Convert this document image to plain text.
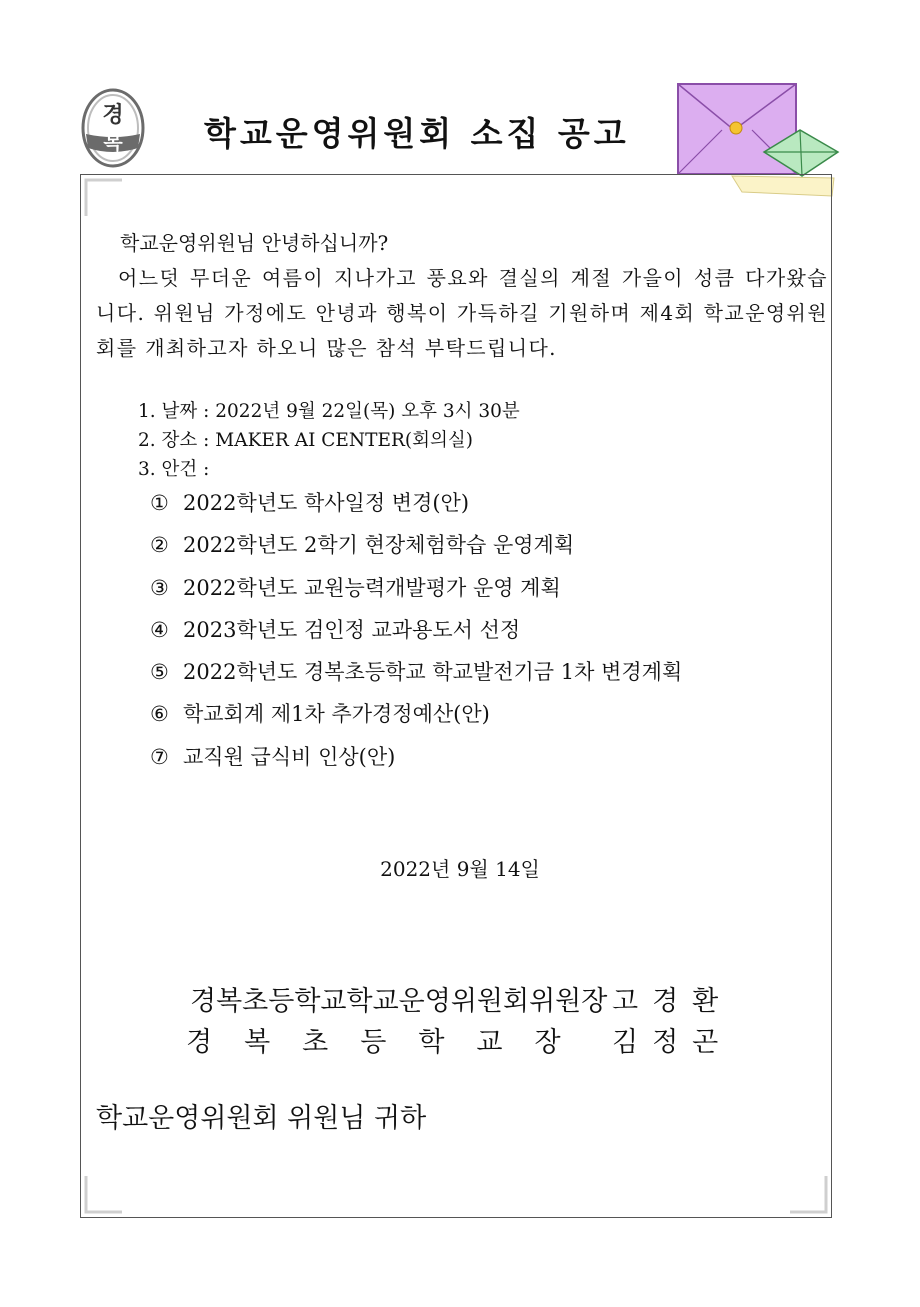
경
복 학교운영위원회 소집 공고
학교운영위원님 안녕하십니까?
어느덧 무더운 여름이 지나가고 풍요와 결실의 계절 가을이 성큼 다가왔습니다. 위원님 가정에도 안녕과 행복이 가득하길 기원하며 제4회 학교운영위원회를 개최하고자 하오니 많은 참석 부탁드립니다.
1. 날짜 : 2022년 9월 22일(목) 오후 3시 30분
2. 장소 : MAKER AI CENTER(회의실)
3. 안건 :
① 2022학년도 학사일정 변경(안)
② 2022학년도 2학기 현장체험학습 운영계획
③ 2022학년도 교원능력개발평가 운영 계획
④ 2023학년도 검인정 교과용도서 선정
⑤ 2022학년도 경복초등학교 학교발전기금 1차 변경계획
⑥ 학교회계 제1차 추가경정예산(안)
⑦ 교직원 급식비 인상(안)
2022년 9월 14일
경복초등학교학교운영위원회위원장 고경환
경복초등학교장 김정곤
학교운영위원회 위원님 귀하
